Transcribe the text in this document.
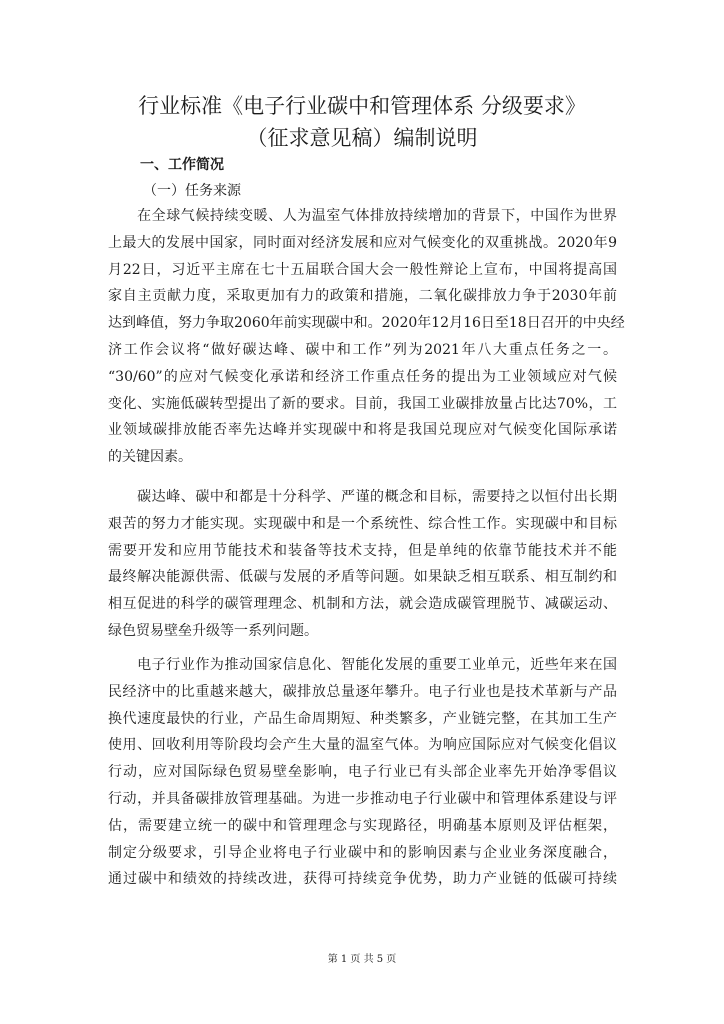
行业标准《电子行业碳中和管理体系 分级要求》
（征求意见稿）编制说明
一、工作简况
（一）任务来源
　　在全球气候持续变暖、人为温室气体排放持续增加的背景下，中国作为世界
上最大的发展中国家，同时面对经济发展和应对气候变化的双重挑战。2020年9
月22日，习近平主席在七十五届联合国大会一般性辩论上宣布，中国将提高国
家自主贡献力度，采取更加有力的政策和措施，二氧化碳排放力争于2030年前
达到峰值，努力争取2060年前实现碳中和。2020年12月16日至18日召开的中央经
济工作会议将“做好碳达峰、碳中和工作”列为2021年八大重点任务之一。
“30/60”的应对气候变化承诺和经济工作重点任务的提出为工业领域应对气候
变化、实施低碳转型提出了新的要求。目前，我国工业碳排放量占比达70%，工
业领域碳排放能否率先达峰并实现碳中和将是我国兑现应对气候变化国际承诺
的关键因素。
　　碳达峰、碳中和都是十分科学、严谨的概念和目标，需要持之以恒付出长期
艰苦的努力才能实现。实现碳中和是一个系统性、综合性工作。实现碳中和目标
需要开发和应用节能技术和装备等技术支持，但是单纯的依靠节能技术并不能
最终解决能源供需、低碳与发展的矛盾等问题。如果缺乏相互联系、相互制约和
相互促进的科学的碳管理理念、机制和方法，就会造成碳管理脱节、减碳运动、
绿色贸易壁垒升级等一系列问题。
　　电子行业作为推动国家信息化、智能化发展的重要工业单元，近些年来在国
民经济中的比重越来越大，碳排放总量逐年攀升。电子行业也是技术革新与产品
换代速度最快的行业，产品生命周期短、种类繁多，产业链完整，在其加工生产
使用、回收利用等阶段均会产生大量的温室气体。为响应国际应对气候变化倡议
行动，应对国际绿色贸易壁垒影响，电子行业已有头部企业率先开始净零倡议
行动，并具备碳排放管理基础。为进一步推动电子行业碳中和管理体系建设与评
估，需要建立统一的碳中和管理理念与实现路径，明确基本原则及评估框架，
制定分级要求，引导企业将电子行业碳中和的影响因素与企业业务深度融合，
通过碳中和绩效的持续改进，获得可持续竞争优势，助力产业链的低碳可持续
第 1 页 共 5 页
